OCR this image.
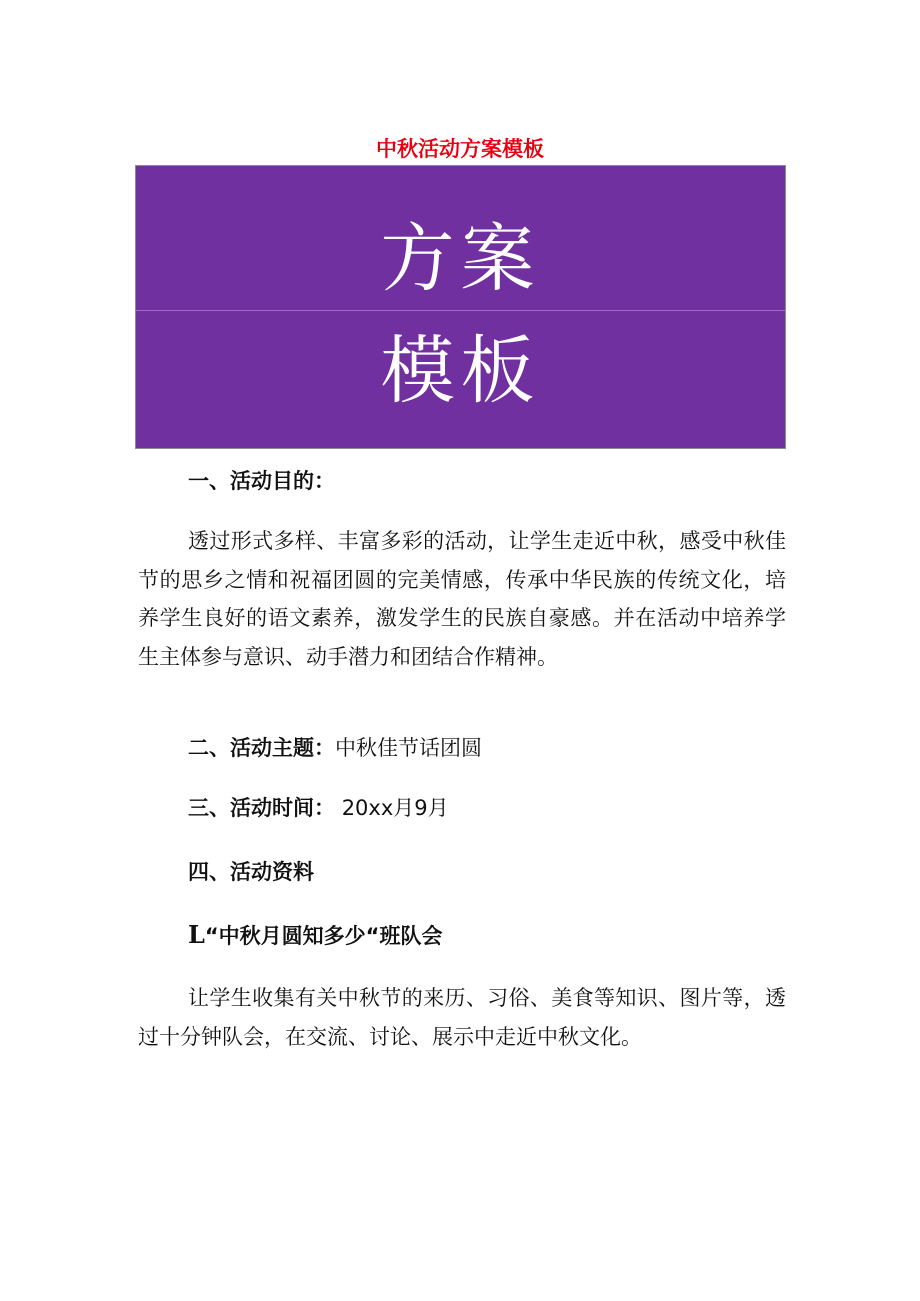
中秋活动方案模板
方案
模板
一、活动目的：
透过形式多样、丰富多彩的活动，让学生走近中秋，感受中秋佳节的思乡之情和祝福团圆的完美情感，传承中华民族的传统文化，培养学生良好的语文素养，激发学生的民族自豪感。并在活动中培养学生主体参与意识、动手潜力和团结合作精神。
二、活动主题：中秋佳节话团圆
三、活动时间： 20xx月9月
四、活动资料
L“中秋月圆知多少“班队会
让学生收集有关中秋节的来历、习俗、美食等知识、图片等，透过十分钟队会，在交流、讨论、展示中走近中秋文化。
